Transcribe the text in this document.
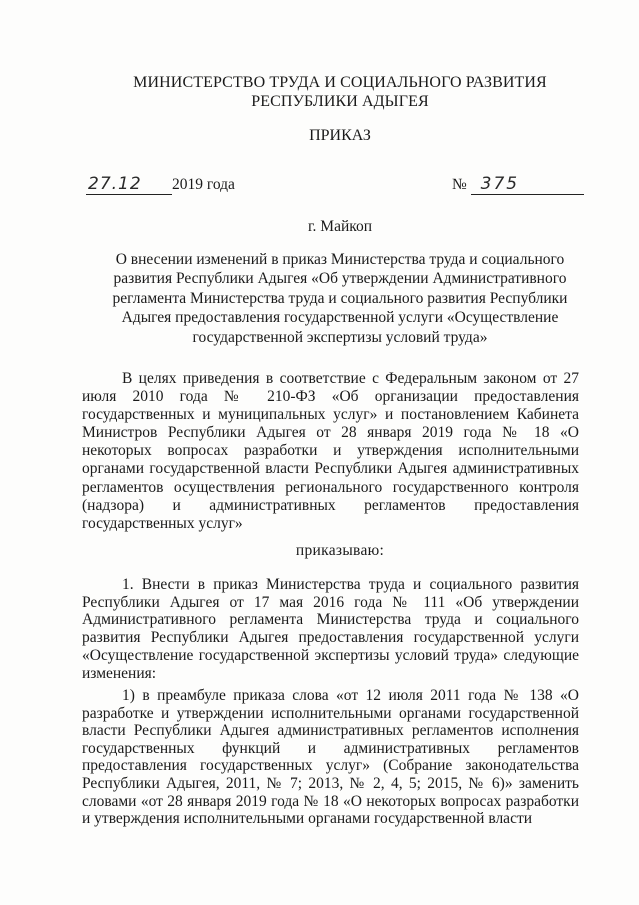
МИНИСТЕРСТВО ТРУДА И СОЦИАЛЬНОГО РАЗВИТИЯ
РЕСПУБЛИКИ АДЫГЕЯ
ПРИКАЗ
27.12 2019 года	№ 375
г. Майкоп
О внесении изменений в приказ Министерства труда и социального развития Республики Адыгея «Об утверждении Административного регламента Министерства труда и социального развития Республики Адыгея предоставления государственной услуги «Осуществление государственной экспертизы условий труда»
В целях приведения в соответствие с Федеральным законом от 27 июля 2010 года № 210-ФЗ «Об организации предоставления государственных и муниципальных услуг» и постановлением Кабинета Министров Республики Адыгея от 28 января 2019 года № 18 «О некоторых вопросах разработки и утверждения исполнительными органами государственной власти Республики Адыгея административных регламентов осуществления регионального государственного контроля (надзора) и административных регламентов предоставления государственных услуг»
приказываю:
1. Внести в приказ Министерства труда и социального развития Республики Адыгея от 17 мая 2016 года № 111 «Об утверждении Административного регламента Министерства труда и социального развития Республики Адыгея предоставления государственной услуги «Осуществление государственной экспертизы условий труда» следующие изменения:
1) в преамбуле приказа слова «от 12 июля 2011 года № 138 «О разработке и утверждении исполнительными органами государственной власти Республики Адыгея административных регламентов исполнения государственных функций и административных регламентов предоставления государственных услуг» (Собрание законодательства Республики Адыгея, 2011, № 7; 2013, № 2, 4, 5; 2015, № 6)» заменить словами «от 28 января 2019 года № 18 «О некоторых вопросах разработки и утверждения исполнительными органами государственной власти
